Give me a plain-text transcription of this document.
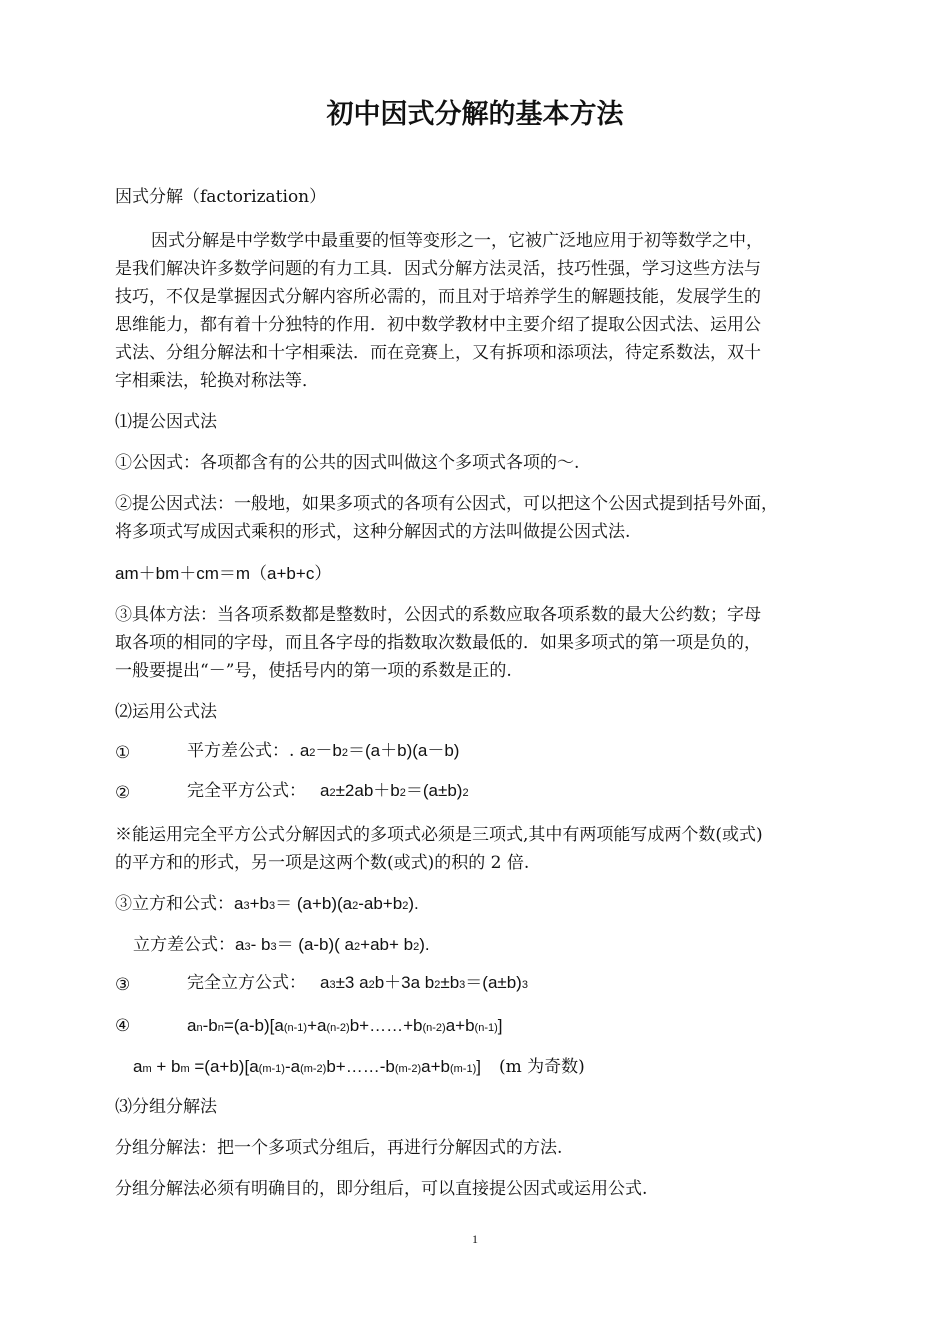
初中因式分解的基本方法
因式分解（factorization）
因式分解是中学数学中最重要的恒等变形之一，它被广泛地应用于初等数学之中，
是我们解决许多数学问题的有力工具．因式分解方法灵活，技巧性强，学习这些方法与
技巧，不仅是掌握因式分解内容所必需的，而且对于培养学生的解题技能，发展学生的
思维能力，都有着十分独特的作用．初中数学教材中主要介绍了提取公因式法、运用公
式法、分组分解法和十字相乘法．而在竞赛上，又有拆项和添项法，待定系数法，双十
字相乘法，轮换对称法等．
⑴提公因式法
①公因式：各项都含有的公共的因式叫做这个多项式各项的～.
②提公因式法：一般地，如果多项式的各项有公因式，可以把这个公因式提到括号外面，
将多项式写成因式乘积的形式，这种分解因式的方法叫做提公因式法.
am＋bm＋cm＝m（a+b+c）
③具体方法：当各项系数都是整数时，公因式的系数应取各项系数的最大公约数；字母
取各项的相同的字母，而且各字母的指数取次数最低的．如果多项式的第一项是负的，
一般要提出“－”号，使括号内的第一项的系数是正的.
⑵运用公式法
①	平方差公式：. a2－b2＝(a＋b)(a－b)
②	完全平方公式： a2±2ab＋b2＝(a±b)2
※能运用完全平方公式分解因式的多项式必须是三项式,其中有两项能写成两个数(或式)
的平方和的形式，另一项是这两个数(或式)的积的 2 倍.
③立方和公式：a3+b3＝ (a+b)(a2-ab+b2).
立方差公式：a3- b3＝ (a-b)( a2+ab+ b2).
③	完全立方公式： a3±3 a2b＋3a b2±b3＝(a±b)3
④	an-bn=(a-b)[a(n-1)+a(n-2)b+……+b(n-2)a+b(n-1)]
am + bm =(a+b)[a(m-1)-a(m-2)b+……-b(m-2)a+b(m-1)] (m 为奇数)
⑶分组分解法
分组分解法：把一个多项式分组后，再进行分解因式的方法.
分组分解法必须有明确目的，即分组后，可以直接提公因式或运用公式.
1
